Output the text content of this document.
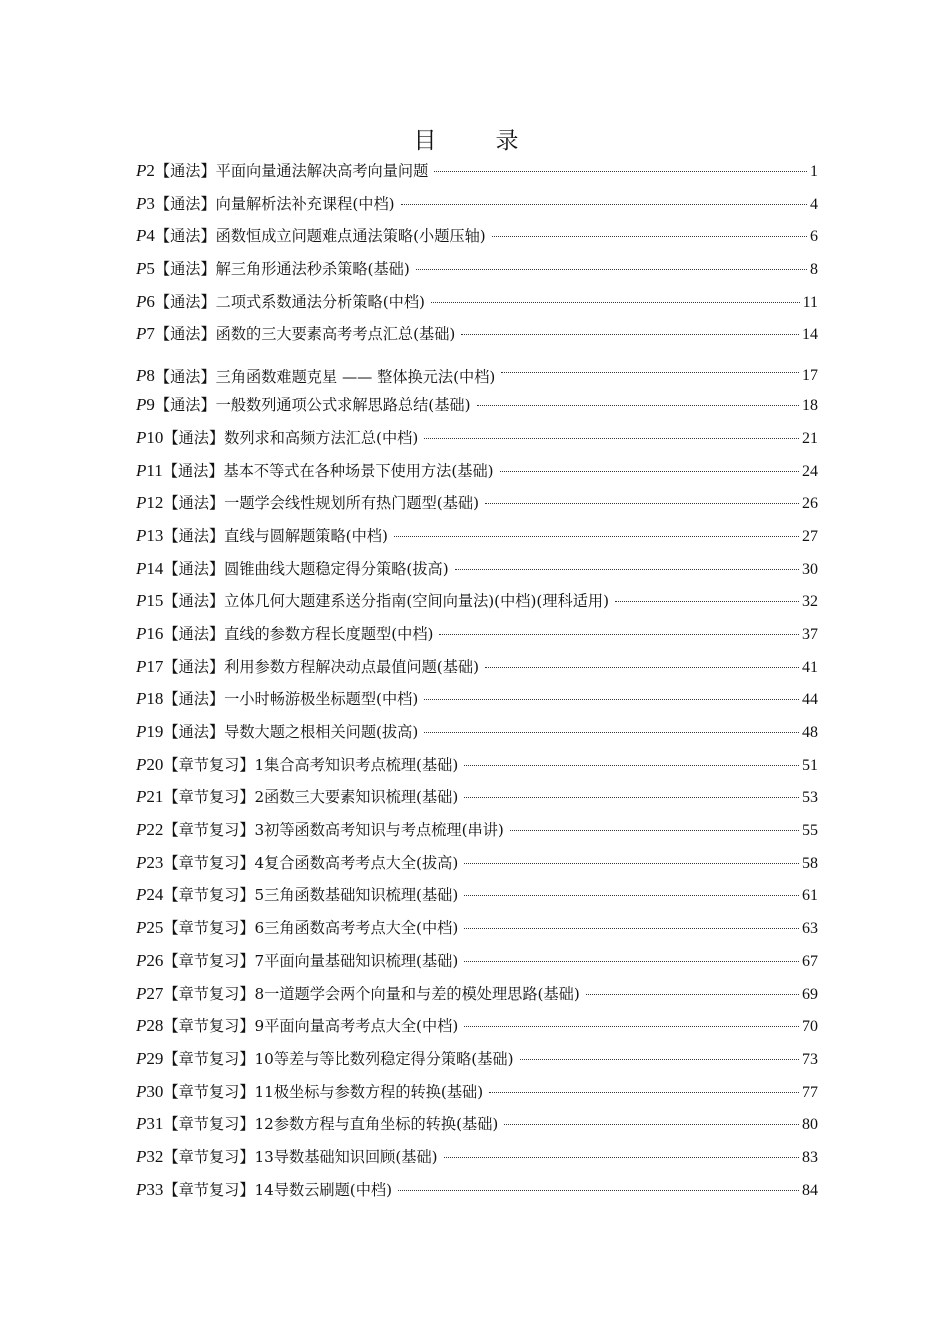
目　录
P 2 【通法】平面向量通法解决高考向量问题	1
P 3 【通法】向量解析法补充课程(中档)	4
P 4 【通法】函数恒成立问题难点通法策略(小题压轴)	6
P 5 【通法】解三角形通法秒杀策略(基础)	8
P 6 【通法】二项式系数通法分析策略(中档)	11
P 7 【通法】函数的三大要素高考考点汇总(基础)	14
P 8 【通法】三角函数难题克星 —— 整体换元法(中档)	17
P 9 【通法】一般数列通项公式求解思路总结(基础)	18
P 10 【通法】数列求和高频方法汇总(中档)	21
P 11 【通法】基本不等式在各种场景下使用方法(基础)	24
P 12 【通法】一题学会线性规划所有热门题型(基础)	26
P 13 【通法】直线与圆解题策略(中档)	27
P 14 【通法】圆锥曲线大题稳定得分策略(拔高)	30
P 15 【通法】立体几何大题建系送分指南(空间向量法)(中档)(理科适用)	32
P 16 【通法】直线的参数方程长度题型(中档)	37
P 17 【通法】利用参数方程解决动点最值问题(基础)	41
P 18 【通法】一小时畅游极坐标题型(中档)	44
P 19 【通法】导数大题之根相关问题(拔高)	48
P 20 【章节复习】1集合高考知识考点梳理(基础)	51
P 21 【章节复习】2函数三大要素知识梳理(基础)	53
P 22 【章节复习】3初等函数高考知识与考点梳理(串讲)	55
P 23 【章节复习】4复合函数高考考点大全(拔高)	58
P 24 【章节复习】5三角函数基础知识梳理(基础)	61
P 25 【章节复习】6三角函数高考考点大全(中档)	63
P 26 【章节复习】7平面向量基础知识梳理(基础)	67
P 27 【章节复习】8一道题学会两个向量和与差的模处理思路(基础)	69
P 28 【章节复习】9平面向量高考考点大全(中档)	70
P 29 【章节复习】10等差与等比数列稳定得分策略(基础)	73
P 30 【章节复习】11极坐标与参数方程的转换(基础)	77
P 31 【章节复习】12参数方程与直角坐标的转换(基础)	80
P 32 【章节复习】13导数基础知识回顾(基础)	83
P 33 【章节复习】14导数云刷题(中档)	84
